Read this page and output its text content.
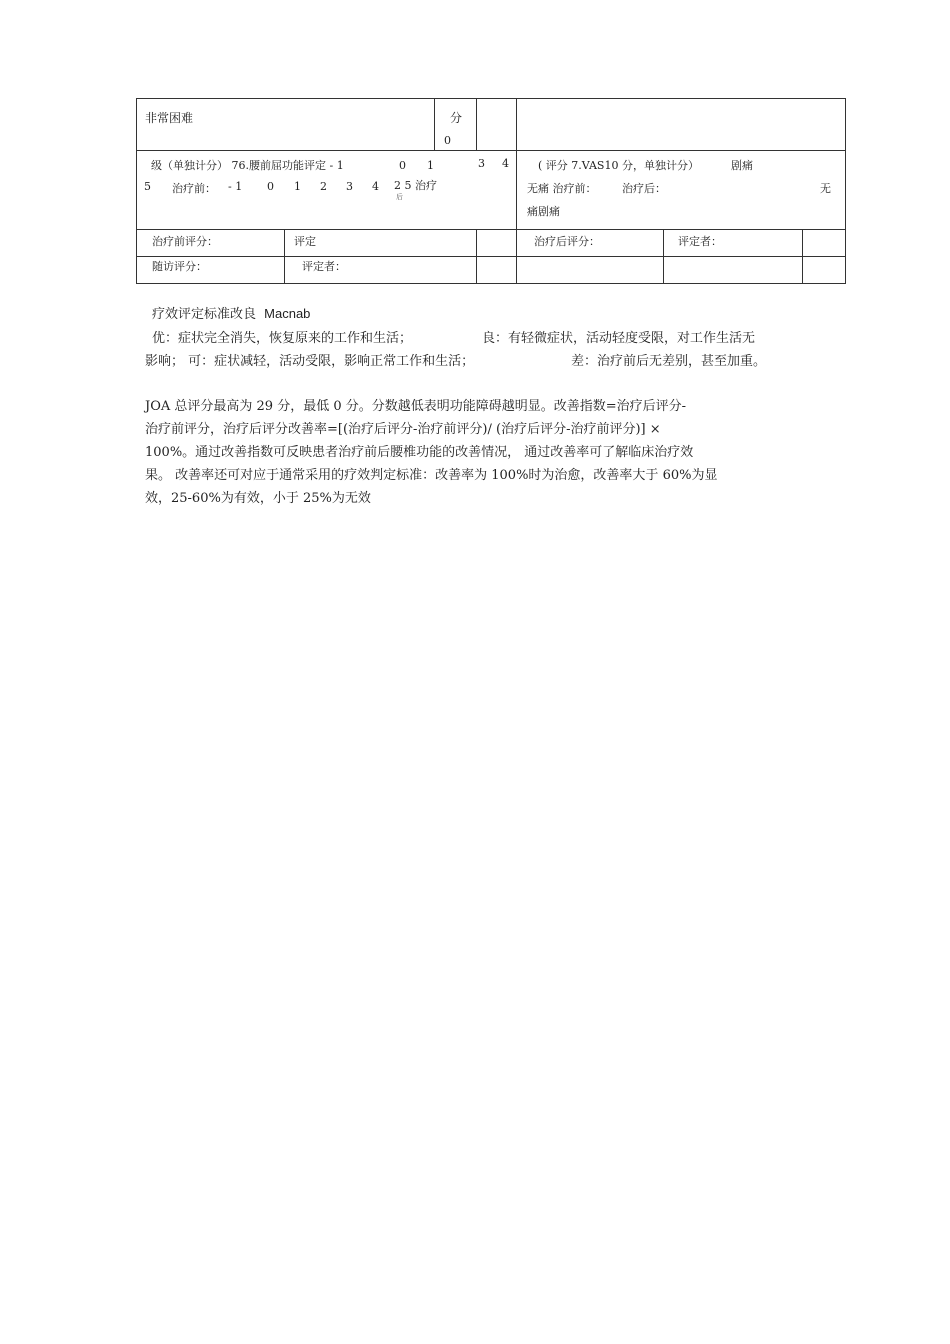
非常困难	分
0
级（单独计分） 76.腰前屈功能评定 - 1	0 1	3 4
5 治疗前： - 1 0 1 2 3 4 2 5 治疗
后
( 评分 7.VAS10 分，单独计分）	剧痛
无痛 治疗前： 治疗后：	无
痛剧痛
治疗前评分：	评定	治疗后评分：	评定者：
随访评分：	评定者：
疗效评定标准改良 Macnab
优：症状完全消失，恢复原来的工作和生活；	良：有轻微症状，活动轻度受限，对工作生活无
影响； 可：症状减轻，活动受限，影响正常工作和生活；	差：治疗前后无差别，甚至加重。
JOA 总评分最高为 29 分，最低 0 分。分数越低表明功能障碍越明显。改善指数=治疗后评分-
治疗前评分，治疗后评分改善率=[(治疗后评分-治疗前评分)/ (治疗后评分-治疗前评分)] ×
100%。通过改善指数可反映患者治疗前后腰椎功能的改善情况， 通过改善率可了解临床治疗效
果。 改善率还可对应于通常采用的疗效判定标准：改善率为 100%时为治愈，改善率大于 60%为显
效，25-60%为有效，小于 25%为无效
